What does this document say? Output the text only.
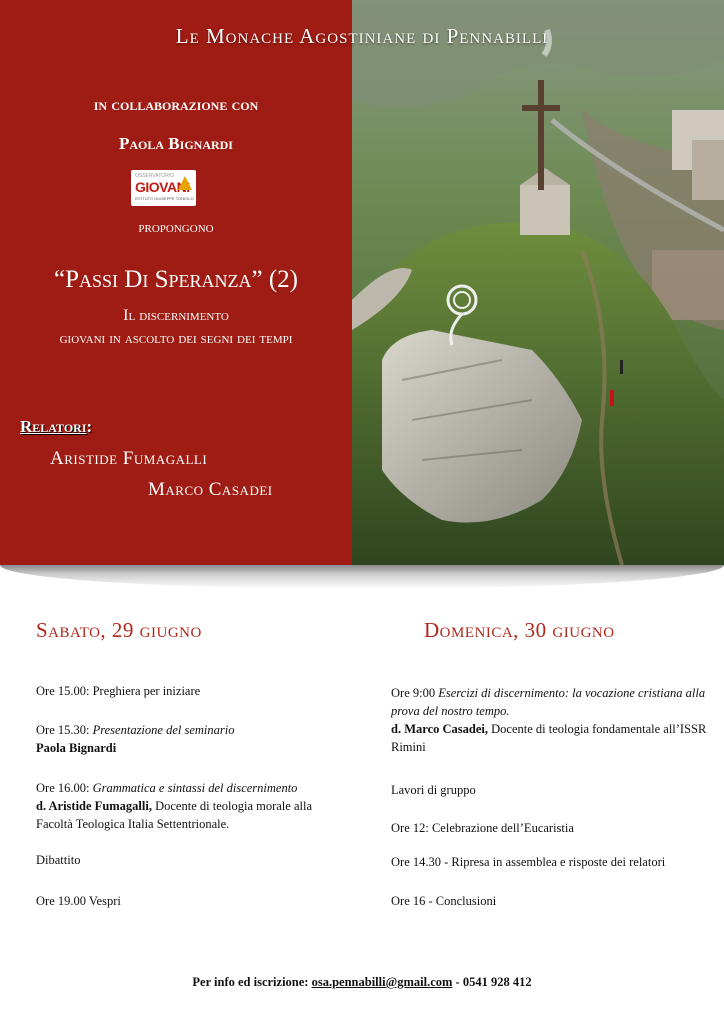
Le Monache Agostiniane di Pennabilli
in collaborazione con
Paola Bignardi
OSSERVATORIO
GIOVANI
ISTITUTO GIUSEPPE TONIOLO
propongono
“Passi Di Speranza” (2)
Il discernimento
giovani in ascolto dei segni dei tempi
Relatori:
Aristide Fumagalli
Marco Casadei
Sabato, 29 giugno	Domenica, 30 giugno
Ore 15.00: Preghiera per iniziare
Ore 15.30: Presentazione del seminario
Paola Bignardi
Ore 16.00: Grammatica e sintassi del discernimento
d. Aristide Fumagalli, Docente di teologia morale alla Facoltà Teologica Italia Settentrionale.
Dibattito
Ore 19.00 Vespri
Ore 9:00 Esercizi di discernimento: la vocazione cristiana alla prova del nostro tempo.
d. Marco Casadei, Docente di teologia fondamentale all’ISSR Rimini
Lavori di gruppo
Ore 12: Celebrazione dell’Eucaristia
Ore 14.30 - Ripresa in assemblea e risposte dei relatori
Ore 16 - Conclusioni
Per info ed iscrizione: osa.pennabilli@gmail.com - 0541 928 412
